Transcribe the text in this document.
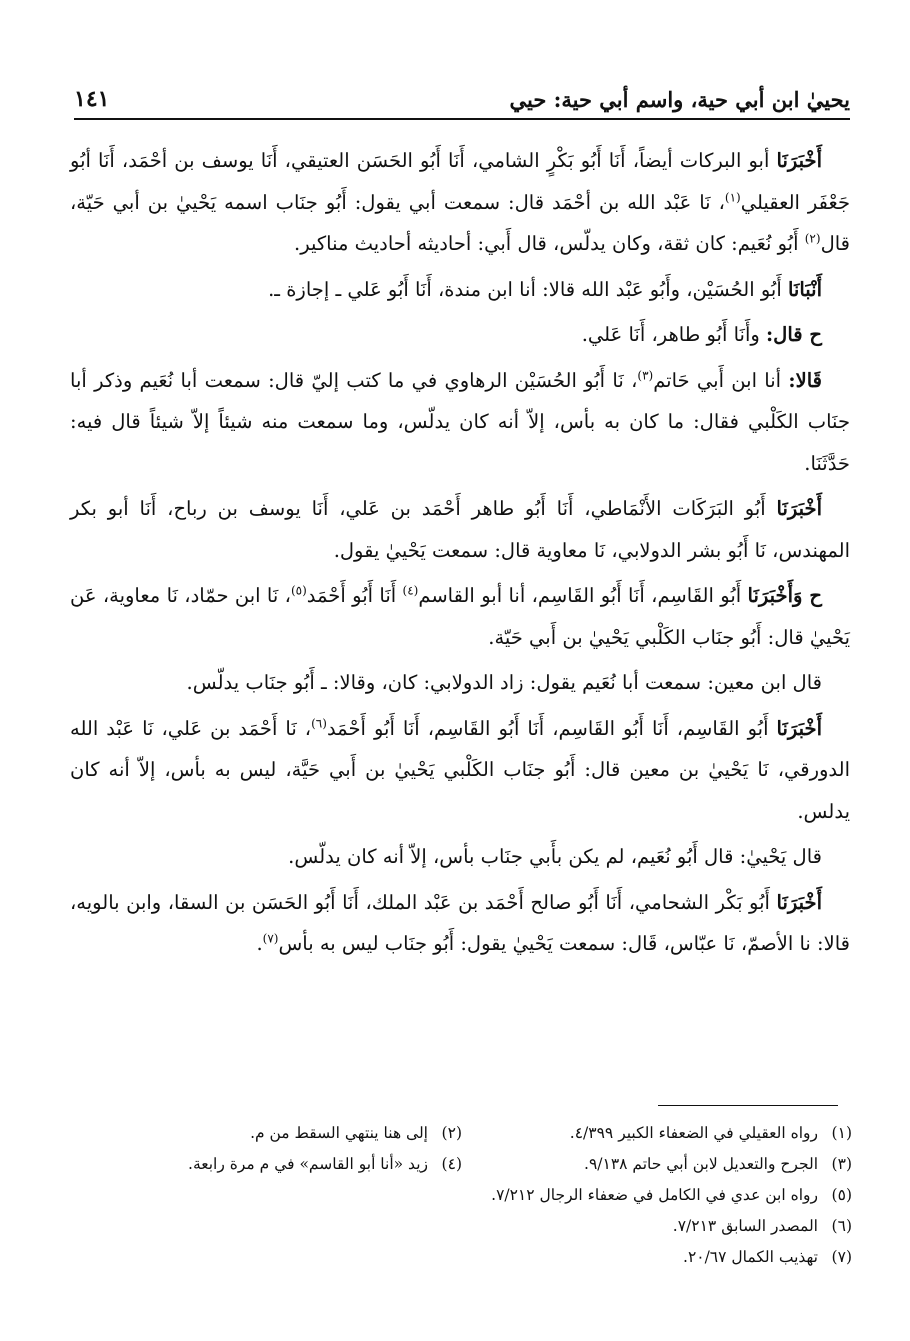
يحييٰ ابن أبي حية، واسم أبي حية: حيي
١٤١

أَخْبَرَنَا أبو البركات أيضاً، أَنَا أَبُو بَكْرٍ الشامي، أَنَا أَبُو الحَسَن العتيقي، أَنَا يوسف بن أحْمَد، أَنَا أبُو جَعْفَر العقيلي$^{(١)}$، نَا عَبْد الله بن أحْمَد قال: سمعت أبي يقول: أَبُو جنَاب اسمه يَحْييٰ بن أبي حَيّة، قال$^{(٢)}$ أَبُو نُعَيم: كان ثقة، وكان يدلّس، قال أَبي: أحاديثه أحاديث مناكير.

أَنْبَانَا أَبُو الحُسَيْن، وأَبُو عَبْد الله قالا: أنا ابن مندة، أَنَا أَبُو عَلي ـ إجازة ـ.

ح قال: وأَنَا أَبُو طاهر، أَنَا عَلي.

قَالا: أنا ابن أَبي حَاتم$^{(٣)}$، نَا أَبُو الحُسَيْن الرهاوي في ما كتب إليّ قال: سمعت أبا نُعَيم وذكر أبا جنَاب الكَلْبي فقال: ما كان به بأس، إلاّ أنه كان يدلّس، وما سمعت منه شيئاً إلاّ شيئاً قال فيه: حَدَّثَنَا.

أَخْبَرَنَا أَبُو البَرَكَات الأَنْمَاطي، أَنَا أَبُو طاهر أَحْمَد بن عَلي، أَنَا يوسف بن رباح، أَنَا أبو بكر المهندس، نَا أَبُو بشر الدولابي، نَا معاوية قال: سمعت يَحْييٰ يقول.

ح وَأَخْبَرَنَا أَبُو القَاسِم، أَنَا أَبُو القَاسِم، أنا أبو القاسم$^{(٤)}$ أَنَا أَبُو أَحْمَد$^{(٥)}$، نَا ابن حمّاد، نَا معاوية، عَن يَحْييٰ قال: أَبُو جنَاب الكَلْبي يَحْييٰ بن أَبي حَيّة.

قال ابن معين: سمعت أبا نُعَيم يقول: زاد الدولابي: كان، وقالا: ـ أَبُو جنَاب يدلّس.

أَخْبَرَنَا أَبُو القَاسِم، أَنَا أَبُو القَاسِم، أَنَا أَبُو القَاسِم، أَنَا أَبُو أَحْمَد$^{(٦)}$، نَا أَحْمَد بن عَلي، نَا عَبْد الله الدورقي، نَا يَحْييٰ بن معين قال: أَبُو جنَاب الكَلْبي يَحْييٰ بن أَبي حَيَّة، ليس به بأس، إلاّ أنه كان يدلس.

قال يَحْييٰ: قال أَبُو نُعَيم، لم يكن بأَبي جنَاب بأس، إلاّ أنه كان يدلّس.

أَخْبَرَنَا أَبُو بَكْر الشحامي، أَنَا أَبُو صالح أَحْمَد بن عَبْد الملك، أَنَا أَبُو الحَسَن بن السقا، وابن بالويه، قالا: نا الأصمّ، نَا عبّاس، قَال: سمعت يَحْييٰ يقول: أَبُو جنَاب ليس به بأس$^{(٧)}$.

(١)رواه العقيلي في الضعفاء الكبير ٤/٣٩٩.
(٢)إلى هنا ينتهي السقط من م.
(٣)الجرح والتعديل لابن أبي حاتم ٩/١٣٨.
(٤)زيد «أنا أبو القاسم» في م مرة رابعة.
(٥)رواه ابن عدي في الكامل في ضعفاء الرجال ٧/٢١٢.
(٦)المصدر السابق ٧/٢١٣.
(٧)تهذيب الكمال ٢٠/٦٧.
